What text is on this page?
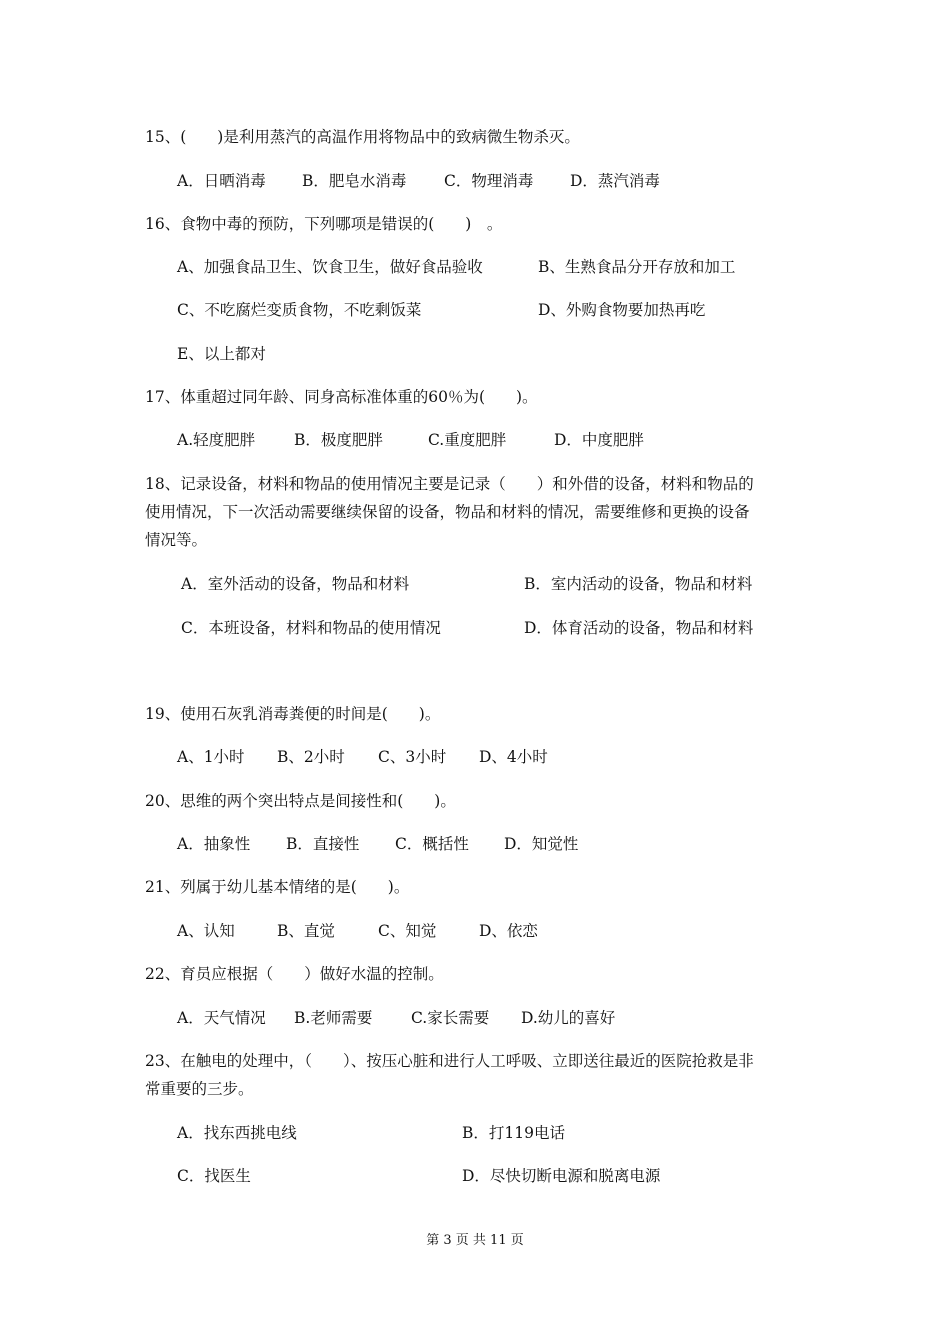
15、(　　)是利用蒸汽的高温作用将物品中的致病微生物杀灭。
A．日晒消毒 B．肥皂水消毒 C．物理消毒 D．蒸汽消毒
16、食物中毒的预防，下列哪项是错误的(　　)　。
A、加强食品卫生、饮食卫生，做好食品验收	B、生熟食品分开存放和加工
C、不吃腐烂变质食物，不吃剩饭菜	D、外购食物要加热再吃
E、以上都对
17、体重超过同年龄、同身高标准体重的60％为(　　)。
A.轻度肥胖	B．极度肥胖	C.重度肥胖	D．中度肥胖
18、记录设备，材料和物品的使用情况主要是记录（　　）和外借的设备，材料和物品的
使用情况，下一次活动需要继续保留的设备，物品和材料的情况，需要维修和更换的设备
情况等。
A．室外活动的设备，物品和材料	B．室内活动的设备，物品和材料
C．本班设备，材料和物品的使用情况	D．体育活动的设备，物品和材料
19、使用石灰乳消毒粪便的时间是(　　)。
A、1小时 B、2小时 C、3小时 D、4小时
20、思维的两个突出特点是间接性和(　　)。
A．抽象性 B．直接性 C．概括性 D．知觉性
21、列属于幼儿基本情绪的是(　　)。
A、认知	B、直觉	C、知觉	D、依恋
22、育员应根据（　　）做好水温的控制。
A．天气情况 B.老师需要 C.家长需要 D.幼儿的喜好
23、在触电的处理中，（　　）、按压心脏和进行人工呼吸、立即送往最近的医院抢救是非
常重要的三步。
A．找东西挑电线	B．打119电话
C．找医生	D．尽快切断电源和脱离电源
第 3 页 共 11 页
